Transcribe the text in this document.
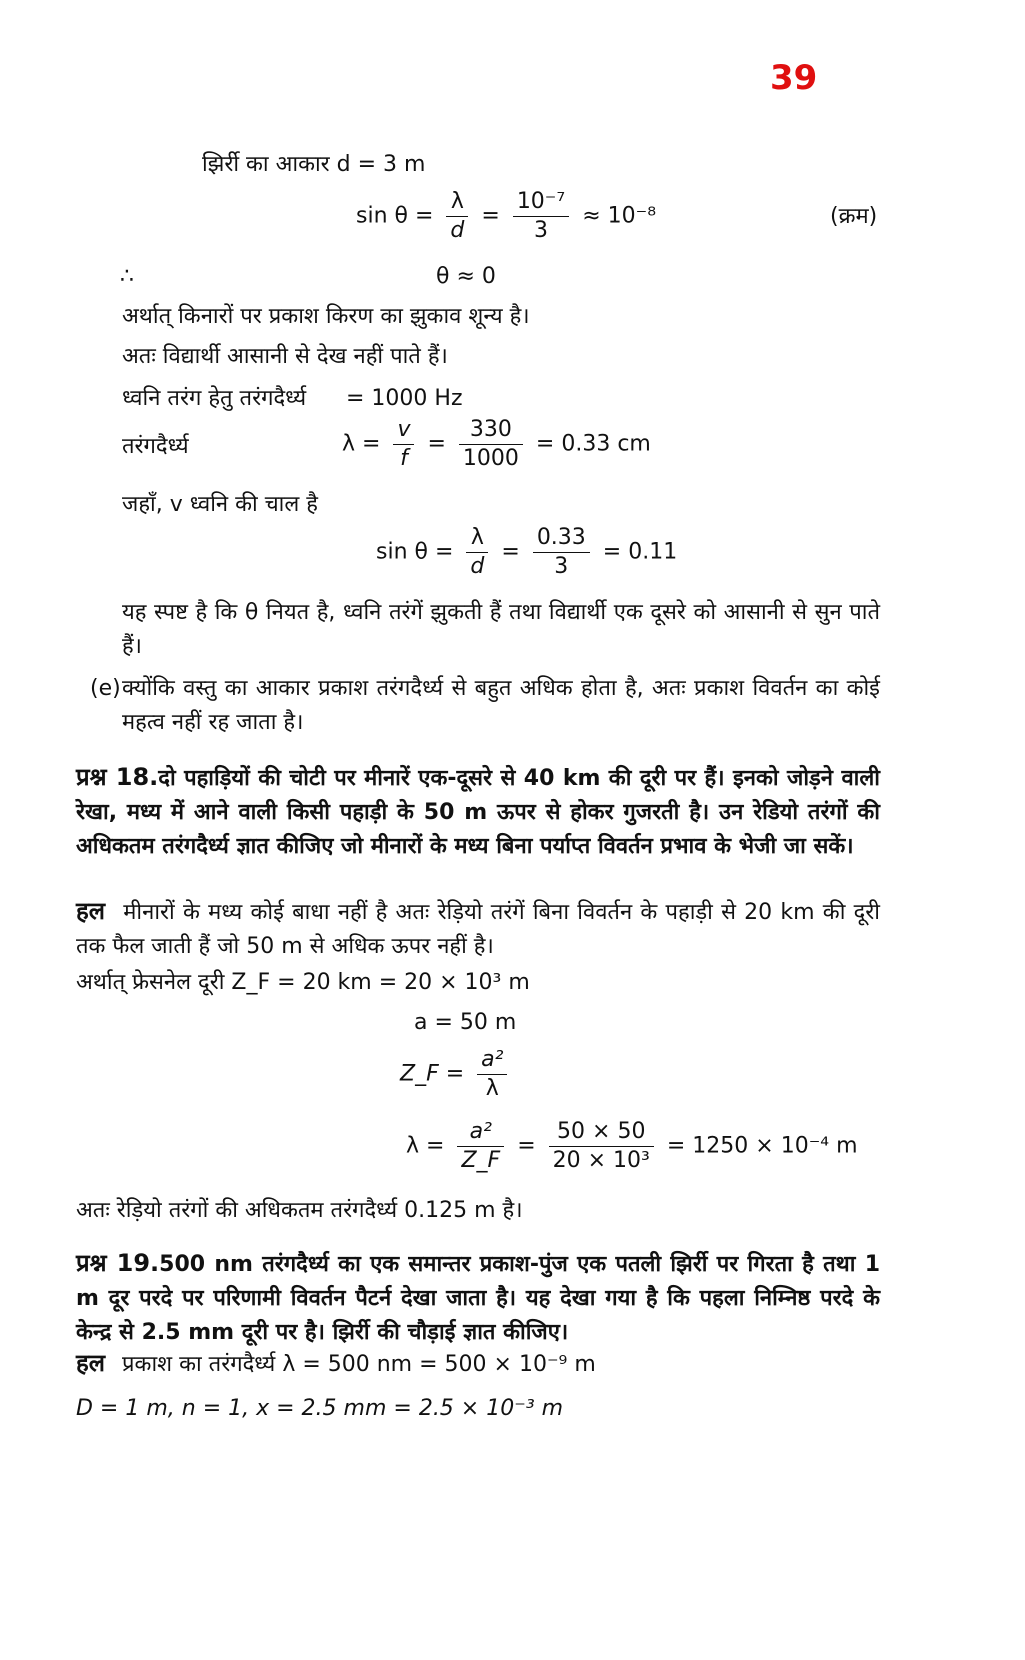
39
झिर्री का आकार d = 3 m
$\sin \theta = \frac{\lambda}{d} = \frac{\text{10⁻⁷}}{3} \approx 10^{-8}$	(क्रम)
∴	θ ≈ 0
अर्थात् किनारों पर प्रकाश किरण का झुकाव शून्य है।
अतः विद्यार्थी आसानी से देख नहीं पाते हैं।
ध्वनि तरंग हेतु तरंगदैर्ध्य = 1000 Hz
तरंगदैर्ध्य	$\lambda = \frac{v}{f} = \frac{330}{1000} = 0.33$ cm
जहाँ, v ध्वनि की चाल है
$\sin \theta = \frac{\lambda}{d} = \frac{0.33}{3} = 0.11$
यह स्पष्ट है कि θ नियत है, ध्वनि तरंगें झुकती हैं तथा विद्यार्थी एक दूसरे को आसानी से सुन पाते हैं।
(e) क्योंकि वस्तु का आकार प्रकाश तरंगदैर्ध्य से बहुत अधिक होता है, अतः प्रकाश विवर्तन का कोई महत्व नहीं रह जाता है।
प्रश्न 18.दो पहाड़ियों की चोटी पर मीनारें एक-दूसरे से 40 km की दूरी पर हैं। इनको जोड़ने वाली रेखा, मध्य में आने वाली किसी पहाड़ी के 50 m ऊपर से होकर गुजरती है। उन रेडियो तरंगों की अधिकतम तरंगदैर्ध्य ज्ञात कीजिए जो मीनारों के मध्य बिना पर्याप्त विवर्तन प्रभाव के भेजी जा सकें।
हल मीनारों के मध्य कोई बाधा नहीं है अतः रेड़ियो तरंगें बिना विवर्तन के पहाड़ी से 20 km की दूरी तक फैल जाती हैं जो 50 m से अधिक ऊपर नहीं है।
अर्थात् फ्रेसनेल दूरी Z_F = 20 km = 20 × 10³ m
a = 50 m
Z_F = $\frac{\text{a²}}{\lambda}$
$\lambda = \frac{\text{a²}}{Z\_F} = \frac{50 \times 50}{\text{20 × 10³}} = 1250 \times 10^{-4}$ m
अतः रेड़ियो तरंगों की अधिकतम तरंगदैर्ध्य 0.125 m है।
प्रश्न 19.500 nm तरंगदैर्ध्य का एक समान्तर प्रकाश-पुंज एक पतली झिर्री पर गिरता है तथा 1 m दूर परदे पर परिणामी विवर्तन पैटर्न देखा जाता है। यह देखा गया है कि पहला निम्निष्ठ परदे के केन्द्र से 2.5 mm दूरी पर है। झिर्री की चौड़ाई ज्ञात कीजिए।
हल प्रकाश का तरंगदैर्ध्य λ = 500 nm = 500 × 10⁻⁹ m
D = 1 m, n = 1, x = 2.5 mm = 2.5 × 10⁻³ m
